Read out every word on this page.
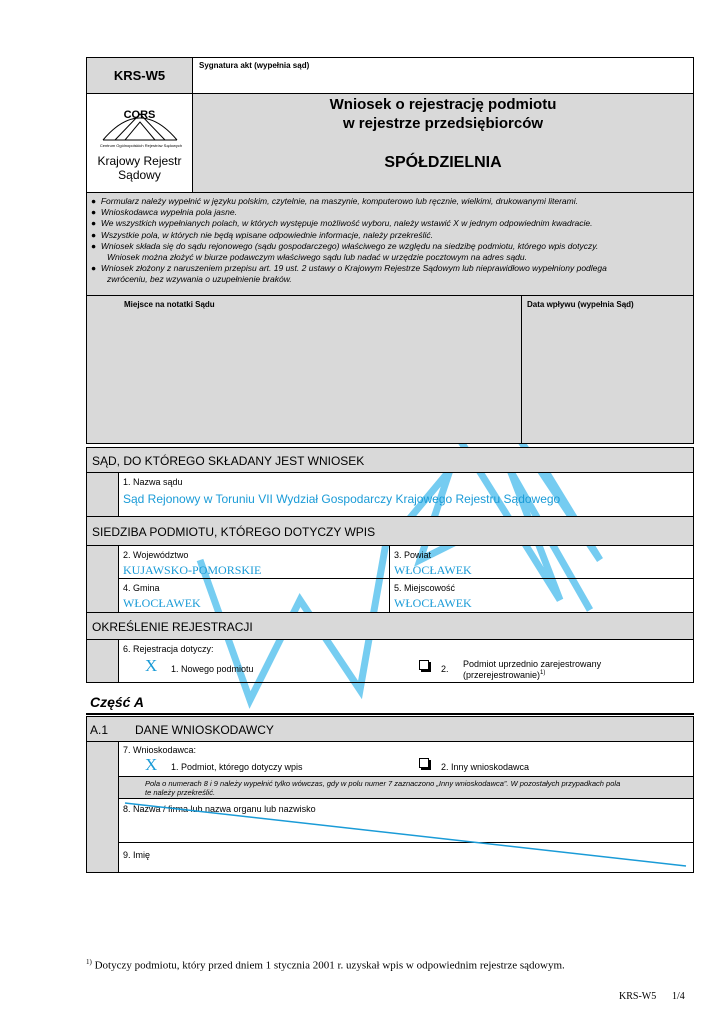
KRS-W5
Sygnatura akt (wypełnia sąd)
CORS
Centrum Ogólnopolskich Rejestrów Sądowych
Krajowy Rejestr
Sądowy
Wniosek o rejestrację podmiotu
w rejestrze przedsiębiorców
SPÓŁDZIELNIA
●  Formularz należy wypełnić w języku polskim, czytelnie, na maszynie, komputerowo lub ręcznie, wielkimi, drukowanymi literami.
●  Wnioskodawca wypełnia pola jasne.
●  We wszystkich wypełnianych polach, w których występuje możliwość wyboru, należy wstawić X w jednym odpowiednim kwadracie.
●  Wszystkie pola, w których nie będą wpisane odpowiednie informacje, należy przekreślić.
●  Wniosek składa się do sądu rejonowego (sądu gospodarczego) właściwego ze względu na siedzibę podmiotu, którego wpis dotyczy.
Wniosek można złożyć w biurze podawczym właściwego sądu lub nadać w urzędzie pocztowym na adres sądu.
●  Wniosek złożony z naruszeniem przepisu art. 19 ust. 2 ustawy o Krajowym Rejestrze Sądowym lub nieprawidłowo wypełniony podlega
zwróceniu, bez wzywania o uzupełnienie braków.
Miejsce na notatki Sądu	Data wpływu (wypełnia Sąd)
SĄD, DO KTÓREGO SKŁADANY JEST WNIOSEK
1. Nazwa sądu
Sąd Rejonowy w Toruniu VII Wydział Gospodarczy Krajowego Rejestru Sądowego
SIEDZIBA PODMIOTU, KTÓREGO DOTYCZY WPIS
2. Województwo
KUJAWSKO-POMORSKIE
3. Powiat
WŁOCŁAWEK
4. Gmina
WŁOCŁAWEK
5. Miejscowość
WŁOCŁAWEK
OKREŚLENIE REJESTRACJI
6. Rejestracja dotyczy:
X 1. Nowego podmiotu	2. Podmiot uprzednio zarejestrowany
(przerejestrowanie)$^{1)}$
Część A
A.1 DANE WNIOSKODAWCY
7. Wnioskodawca:
X 1. Podmiot, którego dotyczy wpis	2. Inny wnioskodawca
Pola o numerach 8 i 9 należy wypełnić tylko wówczas, gdy w polu numer 7 zaznaczono „Inny wnioskodawca”. W pozostałych przypadkach pola
te należy przekreślić.
8. Nazwa / firma lub nazwa organu lub nazwisko
9. Imię
$^{1)}$ Dotyczy podmiotu, który przed dniem 1 stycznia 2001 r. uzyskał wpis w odpowiednim rejestrze sądowym.
KRS-W5 1/4
